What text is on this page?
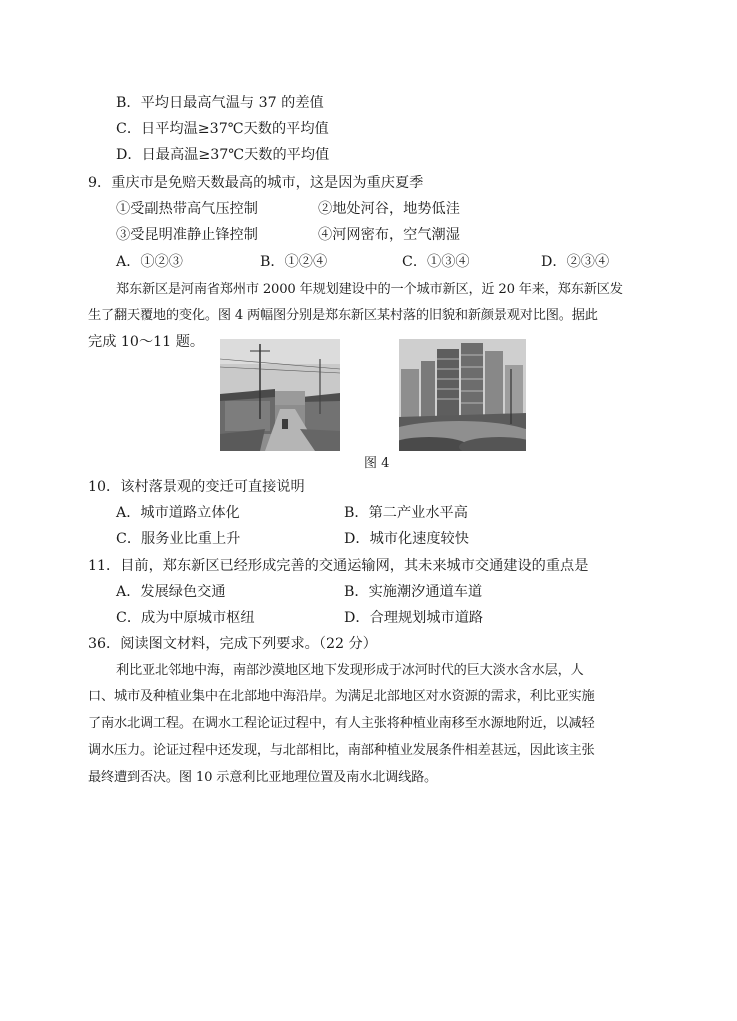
B．平均日最高气温与 37 的差值
C．日平均温≥37℃天数的平均值
D．日最高温≥37℃天数的平均值
9．重庆市是免赔天数最高的城市，这是因为重庆夏季
①受副热带高气压控制	②地处河谷，地势低洼
③受昆明准静止锋控制	④河网密布，空气潮湿
A．①②③	B．①②④	C．①③④	D．②③④
郑东新区是河南省郑州市 2000 年规划建设中的一个城市新区，近 20 年来，郑东新区发
生了翻天覆地的变化。图 4 两幅图分别是郑东新区某村落的旧貌和新颜景观对比图。据此
完成 10～11 题。
图 4
10．该村落景观的变迁可直接说明
A．城市道路立体化	B．第二产业水平高
C．服务业比重上升	D．城市化速度较快
11．目前，郑东新区已经形成完善的交通运输网，其未来城市交通建设的重点是
A．发展绿色交通	B．实施潮汐通道车道
C．成为中原城市枢纽	D．合理规划城市道路
36．阅读图文材料，完成下列要求。（22 分）
利比亚北邻地中海，南部沙漠地区地下发现形成于冰河时代的巨大淡水含水层，人
口、城市及种植业集中在北部地中海沿岸。为满足北部地区对水资源的需求，利比亚实施
了南水北调工程。在调水工程论证过程中，有人主张将种植业南移至水源地附近，以减轻
调水压力。论证过程中还发现，与北部相比，南部种植业发展条件相差甚远，因此该主张
最终遭到否决。图 10 示意利比亚地理位置及南水北调线路。
